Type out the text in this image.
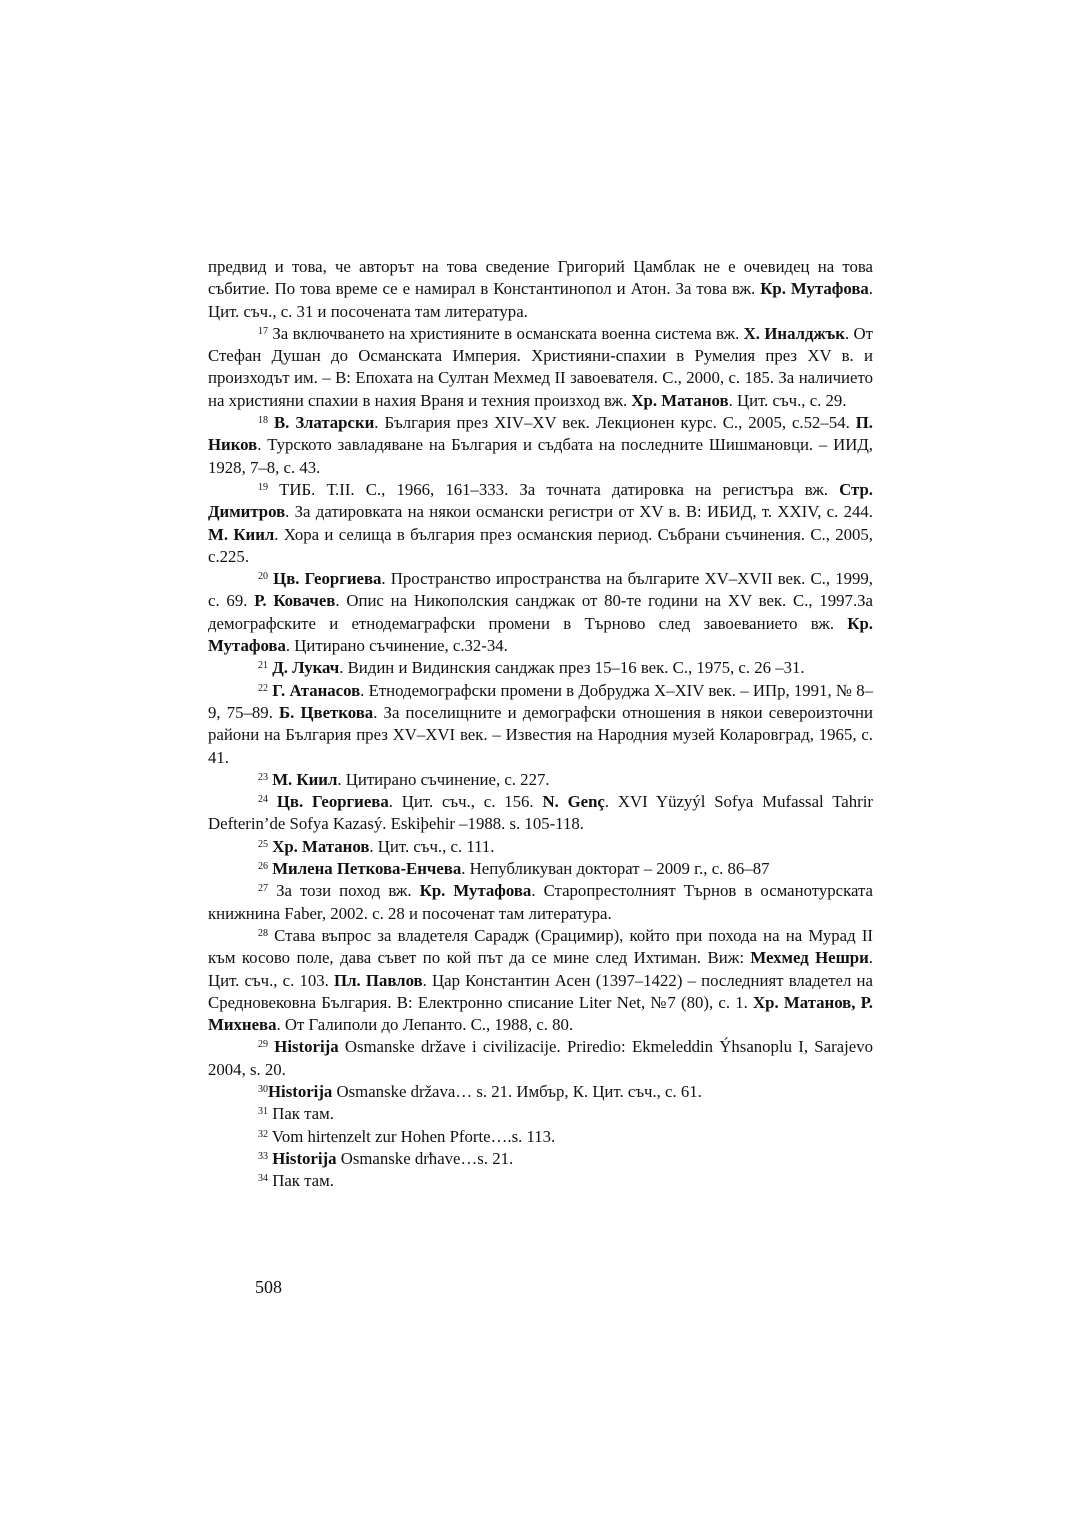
предвид и това, че авторът на това сведение Григорий Цамблак не е очевидец на това събитие. По това време се е намирал в Константинопол и Атон. За това вж. Кр. Мутафова. Цит. съч., с. 31 и посочената там литература.

$^{17}$ За включването на християните в османската военна система вж. Х. Иналджък. От Стефан Душан до Османската Империя. Християни-спахии в Румелия през XV в. и произходът им. – В: Епохата на Султан Мехмед II завоевателя. С., 2000, с. 185. За наличието на християни спахии в нахия Враня и техния произход вж. Хр. Матанов. Цит. съч., с. 29.

$^{18}$ В. Златарски. България през XIV–XV век. Лекционен курс. С., 2005, с.52–54. П. Ников. Турското завладяване на България и съдбата на последните Шишмановци. – ИИД, 1928, 7–8, с. 43.

$^{19}$ ТИБ. Т.II. С., 1966, 161–333. За точната датировка на регистъра вж. Стр. Димитров. За датировката на някои османски регистри от XV в. В: ИБИД, т. XXIV, с. 244. М. Киил. Хора и селища в българия през османския период. Събрани съчинения. С., 2005, с.225.

$^{20}$ Цв. Георгиева. Пространство ипространства на българите XV–XVII век. С., 1999, с. 69. Р. Ковачев. Опис на Никополския санджак от 80-те години на XV век. С., 1997.За демографските и етнодемаграфски промени в Търново след завоеванието вж. Кр. Мутафова. Цитирано съчинение, с.32-34.

$^{21}$ Д. Лукач. Видин и Видинския санджак през 15–16 век. С., 1975, с. 26 –31.

$^{22}$ Г. Атанасов. Етнодемографски промени в Добруджа X–XIV век. – ИПр, 1991, № 8–9, 75–89. Б. Цветкова. За поселищните и демографски отношения в някои североизточни райони на България през XV–XVI век. – Известия на Народния музей Коларовград, 1965, с. 41.

$^{23}$ М. Киил. Цитирано съчинение, с. 227.

$^{24}$ Цв. Георгиева. Цит. съч., с. 156. N. Genç. XVI Yüzyýl Sofya Mufassal Tahrir Defterin’de Sofya Kazasý. Eskiþehir –1988. s. 105-118.

$^{25}$ Хр. Матанов. Цит. съч., с. 111.

$^{26}$ Милена Петкова-Енчева. Непубликуван докторат – 2009 г., с. 86–87

$^{27}$ За този поход вж. Кр. Мутафова. Старопрестолният Търнов в османотурската книжнина Faber, 2002. с. 28 и посоченат там литература.

$^{28}$ Става въпрос за владетеля Сарадж (Срацимир), който при похода на на Мурад II към косово поле, дава съвет по кой път да се мине след Ихтиман. Виж: Мехмед Нешри. Цит. съч., с. 103. Пл. Павлов. Цар Константин Асен (1397–1422) – последният владетел на Средновековна България. В: Електронно списание Liter Net, №7 (80), с. 1. Хр. Матанов, Р. Михнева. От Галиполи до Лепанто. С., 1988, с. 80.

$^{29}$ Historija Osmanske države i civilizacije. Priredio: Ekmeleddin Ýhsanoplu I, Sarajevo 2004, s. 20.

$^{30}$Historija Osmanske država… s. 21. Имбър, К. Цит. съч., с. 61.

$^{31}$ Пак там.

$^{32}$ Vom hirtenzelt zur Hohen Pforte….s. 113.

$^{33}$ Historija Osmanske drћave…s. 21.

$^{34}$ Пак там.

508
